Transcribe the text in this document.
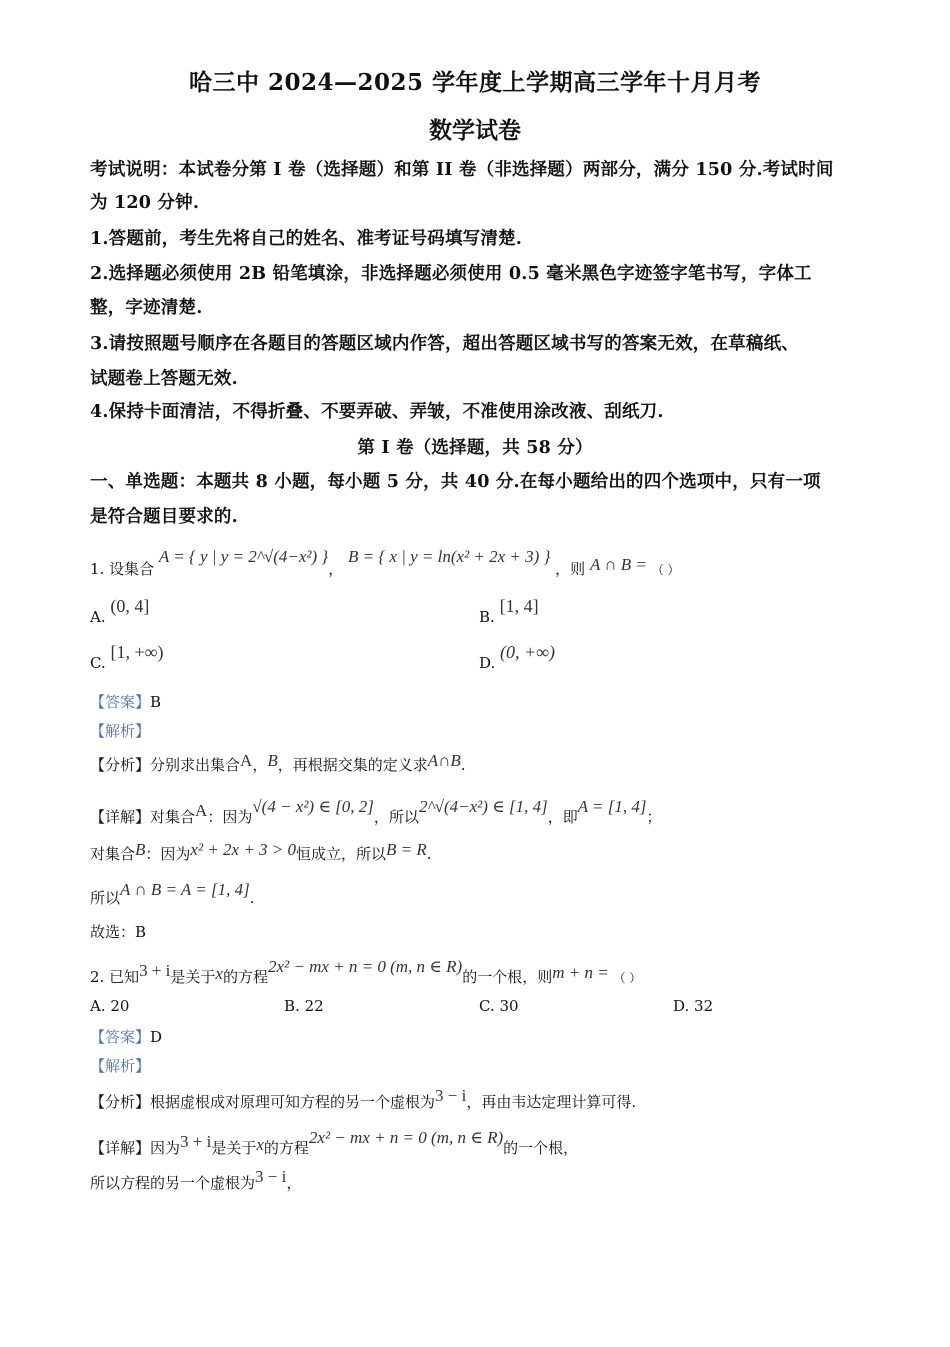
哈三中 2024—2025 学年度上学期高三学年十月月考
数学试卷
考试说明：本试卷分第 I 卷（选择题）和第 II 卷（非选择题）两部分，满分 150 分.考试时间
为 120 分钟.
1.答题前，考生先将自己的姓名、准考证号码填写清楚.
2.选择题必须使用 2B 铅笔填涂，非选择题必须使用 0.5 毫米黑色字迹签字笔书写，字体工
整，字迹清楚.
3.请按照题号顺序在各题目的答题区域内作答，超出答题区域书写的答案无效，在草稿纸、
试题卷上答题无效.
4.保持卡面清洁，不得折叠、不要弄破、弄皱，不准使用涂改液、刮纸刀.
第 I 卷（选择题，共 58 分）
一、单选题：本题共 8 小题，每小题 5 分，共 40 分.在每小题给出的四个选项中，只有一项
是符合题目要求的.
1. 设集合 A = { y | y = 2^√(4−x²) }， B = { x | y = ln(x² + 2x + 3) } ，则 A ∩ B = （ ）
A. (0, 4]
B. [1, 4]
C. [1, +∞)
D. (0, +∞)
【答案】B
【解析】
【分析】分别求出集合A，B，再根据交集的定义求A∩B.
【详解】对集合A：因为√(4 − x²) ∈ [0, 2]，所以2^√(4−x²) ∈ [1, 4]，即A = [1, 4]；
对集合B：因为x² + 2x + 3 > 0恒成立，所以B = R.
所以A ∩ B = A = [1, 4].
故选：B
2. 已知3 + i是关于x的方程2x² − mx + n = 0 (m, n ∈ R)的一个根，则m + n = （ ）
A. 20	B. 22	C. 30	D. 32
【答案】D
【解析】
【分析】根据虚根成对原理可知方程的另一个虚根为3 − i，再由韦达定理计算可得.
【详解】因为3 + i是关于x的方程2x² − mx + n = 0 (m, n ∈ R)的一个根，
所以方程的另一个虚根为3 − i，
